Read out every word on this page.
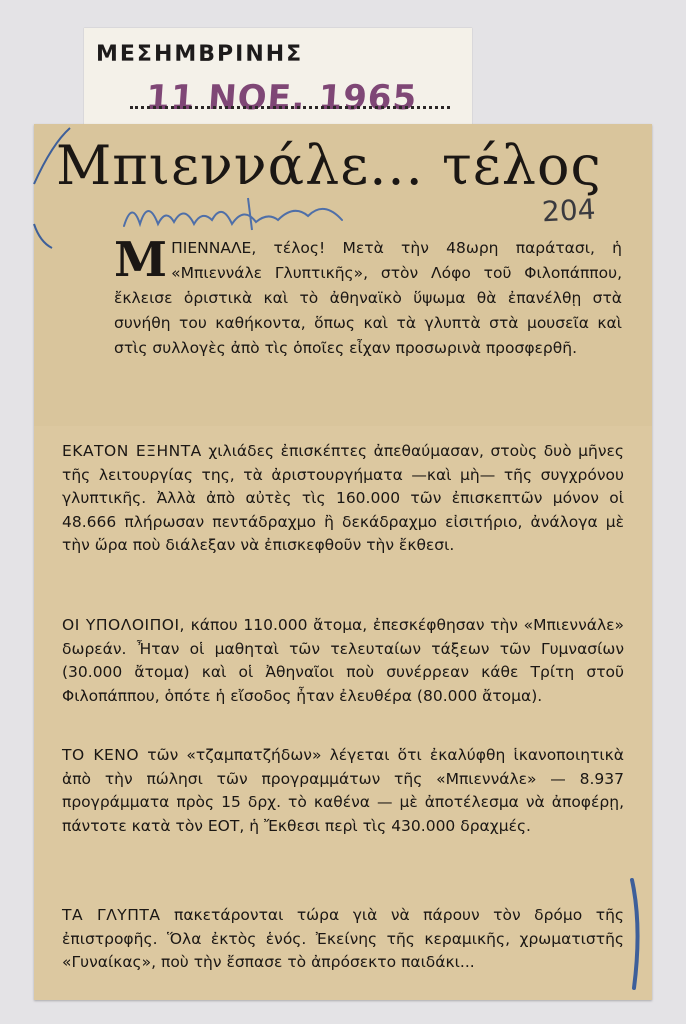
ΜΕΣΗΜΒΡΙΝΗΣ
11 ΝΟΕ. 1965
Μπιεννάλε... τέλος
204
Μ ΠΙΕΝΝΑΛΕ, τέλος! Μετὰ τὴν 48ωρη παράτασι, ἡ «Μπιεννάλε Γλυπτικῆς», στὸν Λόφο τοῦ Φιλοπάππου, ἔκλεισε ὁριστικὰ καὶ τὸ ἀθηναϊκὸ ὕψωμα θὰ ἐπανέλθῃ στὰ συνήθη του καθήκοντα, ὅπως καὶ τὰ γλυπτὰ στὰ μουσεῖα καὶ στὶς συλλογὲς ἀπὸ τὶς ὁποῖες εἶχαν προσωρινὰ προσφερθῆ.

ΕΚΑΤΟΝ ΕΞΗΝΤΑ χιλιάδες ἐπισκέπτες ἀπεθαύμασαν, στοὺς δυὸ μῆνες τῆς λειτουργίας της, τὰ ἀριστουργήματα —καὶ μὴ— τῆς συγχρόνου γλυπτικῆς. Ἀλλὰ ἀπὸ αὐτὲς τὶς 160.000 τῶν ἐπισκεπτῶν μόνον οἱ 48.666 πλήρωσαν πεντάδραχμο ἢ δεκάδραχμο εἰσιτήριο, ἀνάλογα μὲ τὴν ὥρα ποὺ διάλεξαν νὰ ἐπισκεφθοῦν τὴν ἔκθεσι.

ΟΙ ΥΠΟΛΟΙΠΟΙ, κάπου 110.000 ἄτομα, ἐπεσκέφθησαν τὴν «Μπιεννάλε» δωρεάν. Ἦταν οἱ μαθηταὶ τῶν τελευταίων τάξεων τῶν Γυμνασίων (30.000 ἄτομα) καὶ οἱ Ἀθηναῖοι ποὺ συνέρρεαν κάθε Τρίτη στοῦ Φιλοπάππου, ὁπότε ἡ εἴσοδος ἦταν ἐλευθέρα (80.000 ἄτομα).

ΤΟ ΚΕΝΟ τῶν «τζαμπατζήδων» λέγεται ὅτι ἐκαλύφθη ἱκανοποιητικὰ ἀπὸ τὴν πώλησι τῶν προγραμμάτων τῆς «Μπιεννάλε» — 8.937 προγράμματα πρὸς 15 δρχ. τὸ καθένα — μὲ ἀποτέλεσμα νὰ ἀποφέρῃ, πάντοτε κατὰ τὸν ΕΟΤ, ἡ Ἔκθεσι περὶ τὶς 430.000 δραχμές.

ΤΑ ΓΛΥΠΤΑ πακετάρονται τώρα γιὰ νὰ πάρουν τὸν δρόμο τῆς ἐπιστροφῆς. Ὅλα ἐκτὸς ἑνός. Ἐκείνης τῆς κεραμικῆς, χρωματιστῆς «Γυναίκας», ποὺ τὴν ἔσπασε τὸ ἀπρόσεκτο παιδάκι...
